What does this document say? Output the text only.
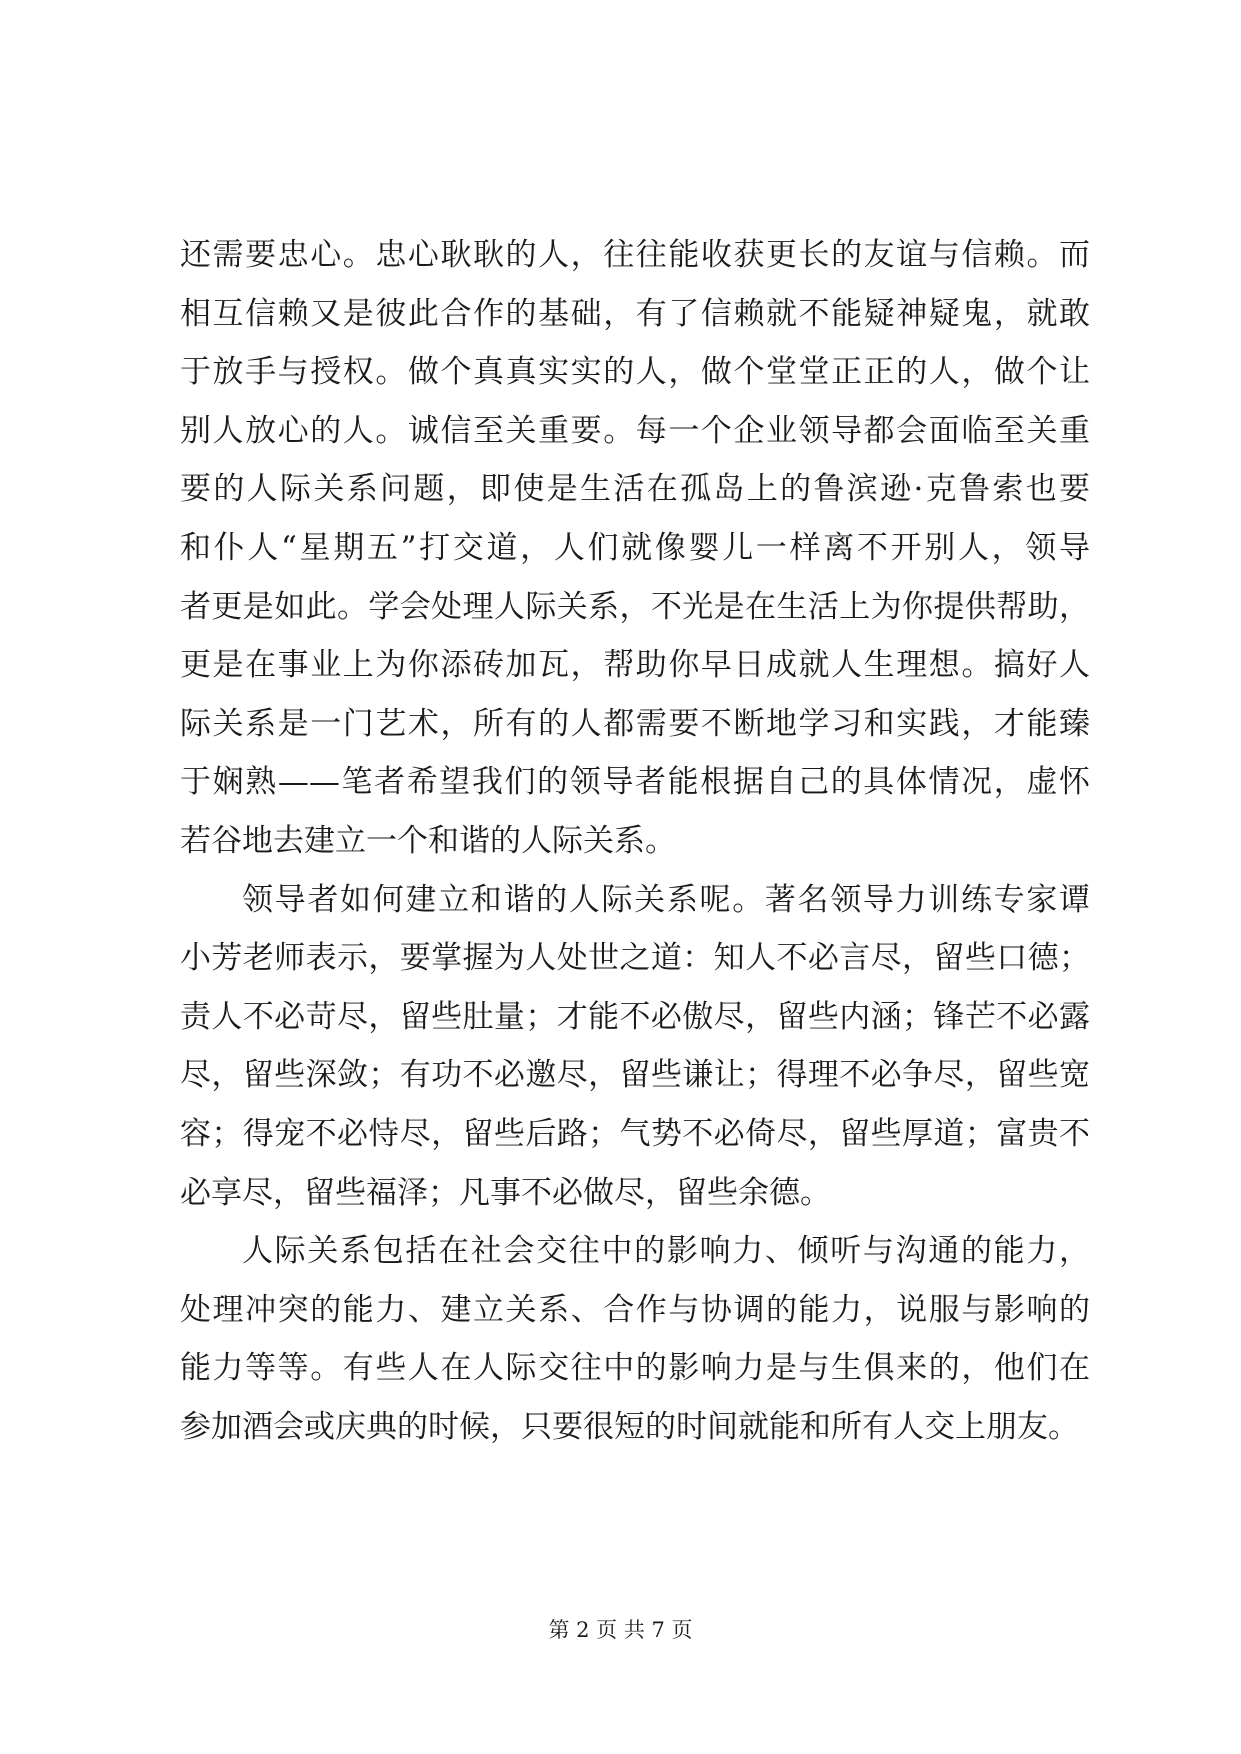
还需要忠心。忠心耿耿的人，往往能收获更长的友谊与信赖。而
相互信赖又是彼此合作的基础，有了信赖就不能疑神疑鬼，就敢
于放手与授权。做个真真实实的人，做个堂堂正正的人，做个让
别人放心的人。诚信至关重要。每一个企业领导都会面临至关重
要的人际关系问题，即使是生活在孤岛上的鲁滨逊·克鲁索也要
和仆人“星期五”打交道，人们就像婴儿一样离不开别人，领导
者更是如此。学会处理人际关系，不光是在生活上为你提供帮助，
更是在事业上为你添砖加瓦，帮助你早日成就人生理想。搞好人
际关系是一门艺术，所有的人都需要不断地学习和实践，才能臻
于娴熟——笔者希望我们的领导者能根据自己的具体情况，虚怀
若谷地去建立一个和谐的人际关系。
领导者如何建立和谐的人际关系呢。著名领导力训练专家谭
小芳老师表示，要掌握为人处世之道：知人不必言尽，留些口德；
责人不必苛尽，留些肚量；才能不必傲尽，留些内涵；锋芒不必露
尽，留些深敛；有功不必邀尽，留些谦让；得理不必争尽，留些宽
容；得宠不必恃尽，留些后路；气势不必倚尽，留些厚道；富贵不
必享尽，留些福泽；凡事不必做尽，留些余德。
人际关系包括在社会交往中的影响力、倾听与沟通的能力，
处理冲突的能力、建立关系、合作与协调的能力，说服与影响的
能力等等。有些人在人际交往中的影响力是与生俱来的，他们在
参加酒会或庆典的时候，只要很短的时间就能和所有人交上朋友。
第 2 页 共 7 页
